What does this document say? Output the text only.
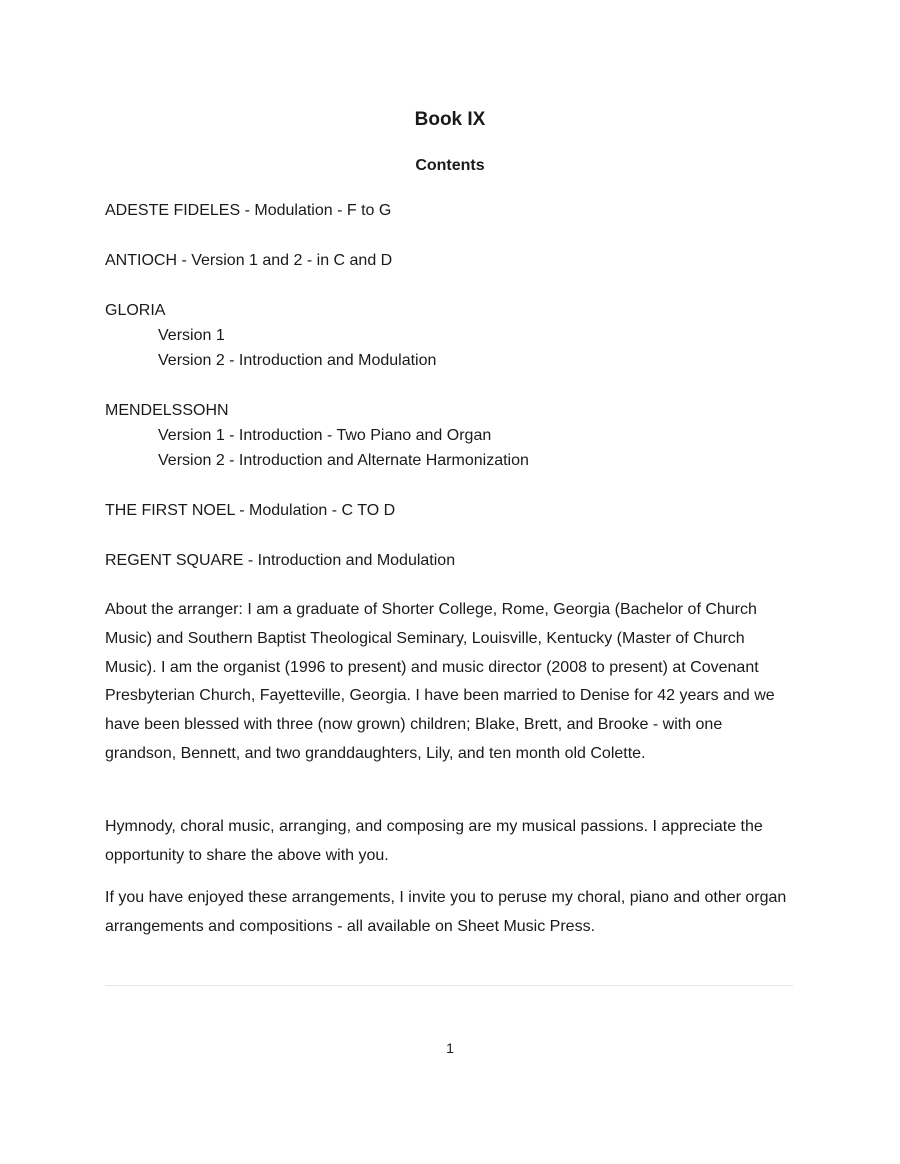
Book IX
Contents

ADESTE FIDELES - Modulation - F to G

ANTIOCH - Version 1 and 2 - in C and D

GLORIA

Version 1

Version 2 - Introduction and Modulation

MENDELSSOHN

Version 1 - Introduction - Two Piano and Organ

Version 2 - Introduction and Alternate Harmonization

THE FIRST NOEL - Modulation - C TO D

REGENT SQUARE - Introduction and Modulation

About the arranger: I am a graduate of Shorter College, Rome, Georgia (Bachelor of Church Music) and Southern Baptist Theological Seminary, Louisville, Kentucky (Master of Church Music). I am the organist (1996 to present) and music director (2008 to present) at Covenant Presbyterian Church, Fayetteville, Georgia. I have been married to Denise for 42 years and we have been blessed with three (now grown) children; Blake, Brett, and Brooke - with one grandson, Bennett, and two granddaughters, Lily, and ten month old Colette.

Hymnody, choral music, arranging, and composing are my musical passions. I appreciate the opportunity to share the above with you.

If you have enjoyed these arrangements, I invite you to peruse my choral, piano and other organ arrangements and compositions - all available on Sheet Music Press.

1
